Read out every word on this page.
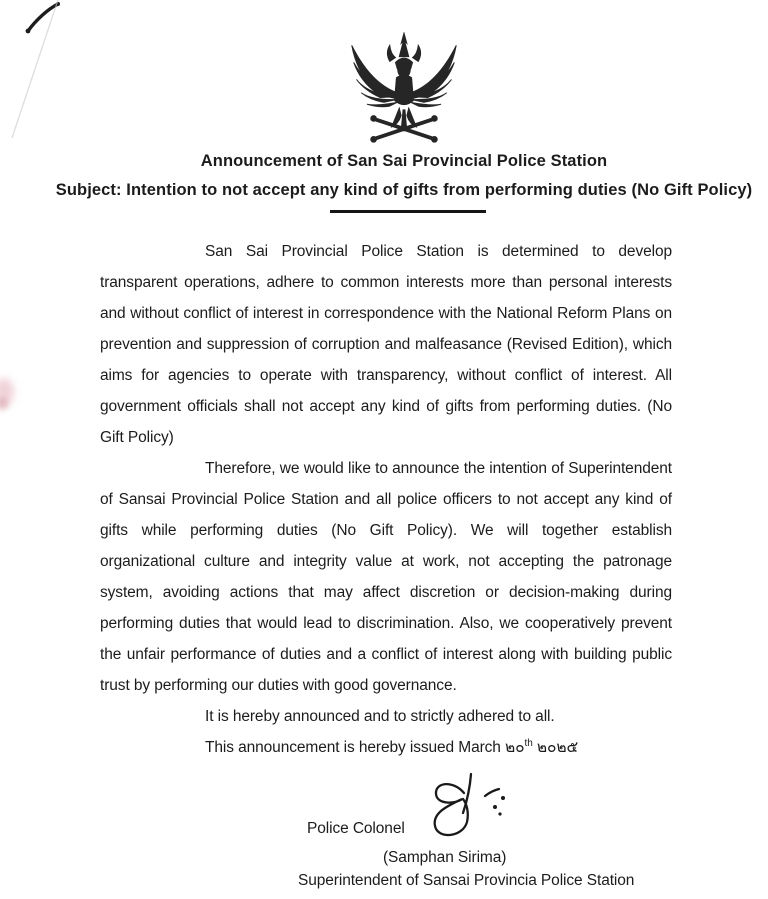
Announcement of San Sai Provincial Police Station
Subject: Intention to not accept any kind of gifts from performing duties (No Gift Policy)

San Sai Provincial Police Station is determined to develop transparent operations, adhere to common interests more than personal interests and without conflict of interest in correspondence with the National Reform Plans on prevention and suppression of corruption and malfeasance (Revised Edition), which aims for agencies to operate with transparency, without conflict of interest. All government officials shall not accept any kind of gifts from performing duties. (No Gift Policy)

Therefore, we would like to announce the intention of Superintendent of Sansai Provincial Police Station and all police officers to not accept any kind of gifts while performing duties (No Gift Policy). We will together establish organizational culture and integrity value at work, not accepting the patronage system, avoiding actions that may affect discretion or decision-making during performing duties that would lead to discrimination. Also, we cooperatively prevent the unfair performance of duties and a conflict of interest along with building public trust by performing our duties with good governance.

It is hereby announced and to strictly adhered to all.
This announcement is hereby issued March ๒๐$^{th}$ ๒๐๒๕
Police Colonel
(Samphan Sirima)
Superintendent of Sansai Provincia Police Station
